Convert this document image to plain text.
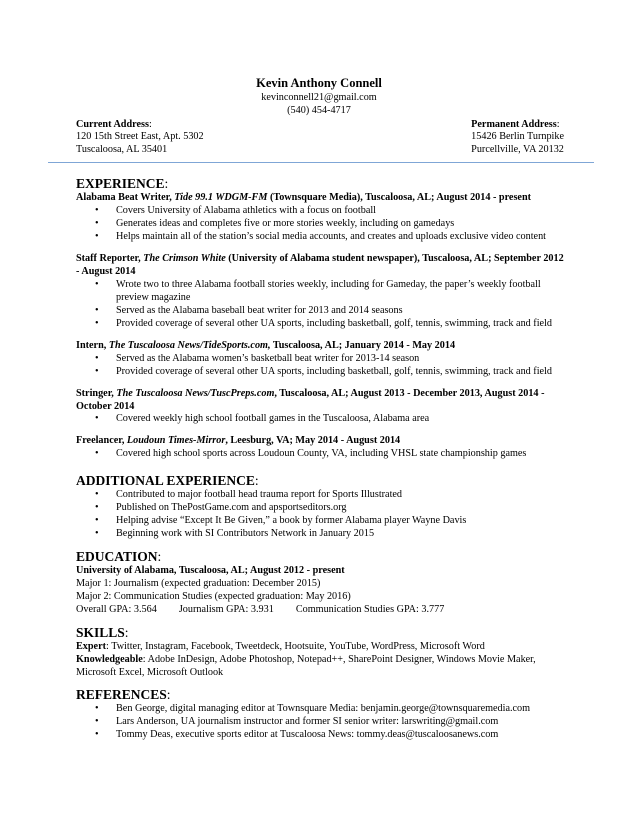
Kevin Anthony Connell
kevinconnell21@gmail.com
(540) 454-4717
Current Address:
120 15th Street East, Apt. 5302
Tuscaloosa, AL 35401
Permanent Address:
15426 Berlin Turnpike
Purcellville, VA 20132
EXPERIENCE:
Alabama Beat Writer, Tide 99.1 WDGM-FM (Townsquare Media), Tuscaloosa, AL; August 2014 - present
• Covers University of Alabama athletics with a focus on football
• Generates ideas and completes five or more stories weekly, including on gamedays
• Helps maintain all of the station’s social media accounts, and creates and uploads exclusive video content
Staff Reporter, The Crimson White (University of Alabama student newspaper), Tuscaloosa, AL; September 2012 - August 2014
• Wrote two to three Alabama football stories weekly, including for Gameday, the paper’s weekly football preview magazine
• Served as the Alabama baseball beat writer for 2013 and 2014 seasons
• Provided coverage of several other UA sports, including basketball, golf, tennis, swimming, track and field
Intern, The Tuscaloosa News/TideSports.com, Tuscaloosa, AL; January 2014 - May 2014
• Served as the Alabama women’s basketball beat writer for 2013-14 season
• Provided coverage of several other UA sports, including basketball, golf, tennis, swimming, track and field
Stringer, The Tuscaloosa News/TuscPreps.com, Tuscaloosa, AL; August 2013 - December 2013, August 2014 - October 2014
• Covered weekly high school football games in the Tuscaloosa, Alabama area
Freelancer, Loudoun Times-Mirror, Leesburg, VA; May 2014 - August 2014
• Covered high school sports across Loudoun County, VA, including VHSL state championship games
ADDITIONAL EXPERIENCE:
• Contributed to major football head trauma report for Sports Illustrated
• Published on ThePostGame.com and apsportseditors.org
• Helping advise “Except It Be Given,” a book by former Alabama player Wayne Davis
• Beginning work with SI Contributors Network in January 2015
EDUCATION:
University of Alabama, Tuscaloosa, AL; August 2012 - present
Major 1: Journalism (expected graduation: December 2015)
Major 2: Communication Studies (expected graduation: May 2016)
Overall GPA: 3.564 Journalism GPA: 3.931 Communication Studies GPA: 3.777
SKILLS:
Expert: Twitter, Instagram, Facebook, Tweetdeck, Hootsuite, YouTube, WordPress, Microsoft Word
Knowledgeable: Adobe InDesign, Adobe Photoshop, Notepad++, SharePoint Designer, Windows Movie Maker, Microsoft Excel, Microsoft Outlook
REFERENCES:
• Ben George, digital managing editor at Townsquare Media: benjamin.george@townsquaremedia.com
• Lars Anderson, UA journalism instructor and former SI senior writer: larswriting@gmail.com
• Tommy Deas, executive sports editor at Tuscaloosa News: tommy.deas@tuscaloosanews.com
